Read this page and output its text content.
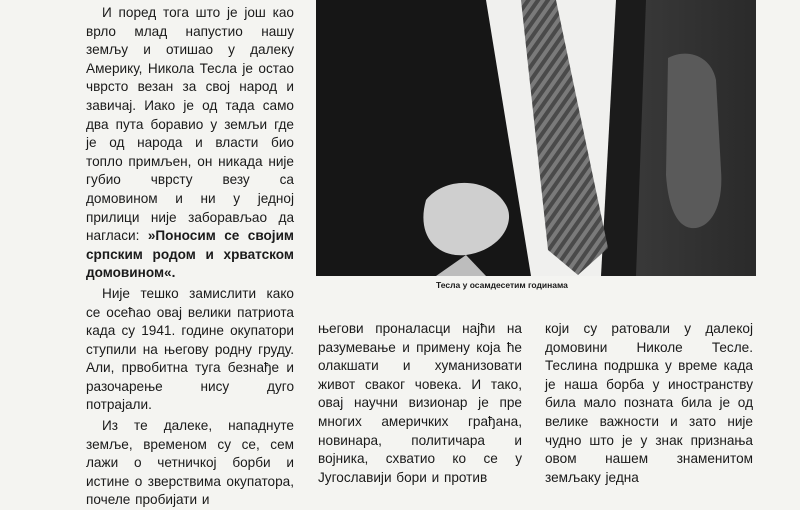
И поред тога што је још као врло млад напустио нашу земљу и отишао у далеку Америку, Никола Тесла је остао чврсто везан за свој народ и завичај. Иако је од тада само два пута боравио у земљи где је од народа и власти био топло примљен, он никада није губио чврсту везу са домовином и ни у једној прилици није заборављао да нагласи: »Поносим се својим српским родом и хрватском домовином«.

Није тешко замислити како се осећао овај велики патриота када су 1941. године окупатори ступили на његову родну груду. Али, првобитна туга безнађе и разочарење нису дуго потрајали.

Из те далеке, нападнуте земље, временом су се, сем лажи о четничкој борби и истине о зверствима окупатора, почеле пробијати и

Тесла у осамдесетим годинама

његови проналасци најћи на разумевање и примену која ће олакшати и хуманизовати живот сваког човека. И тако, овај научни визионар је пре многих америчких грађана, новинара, политичара и војника, схватио ко се у Југославији бори и против

који су ратовали у далекој домовини Николе Тесле. Теслина подршка у време када је наша борба у иностранству била мало позната била је од велике важности и зато није чудно што је у знак признања овом нашем знаменитом земљаку једна
